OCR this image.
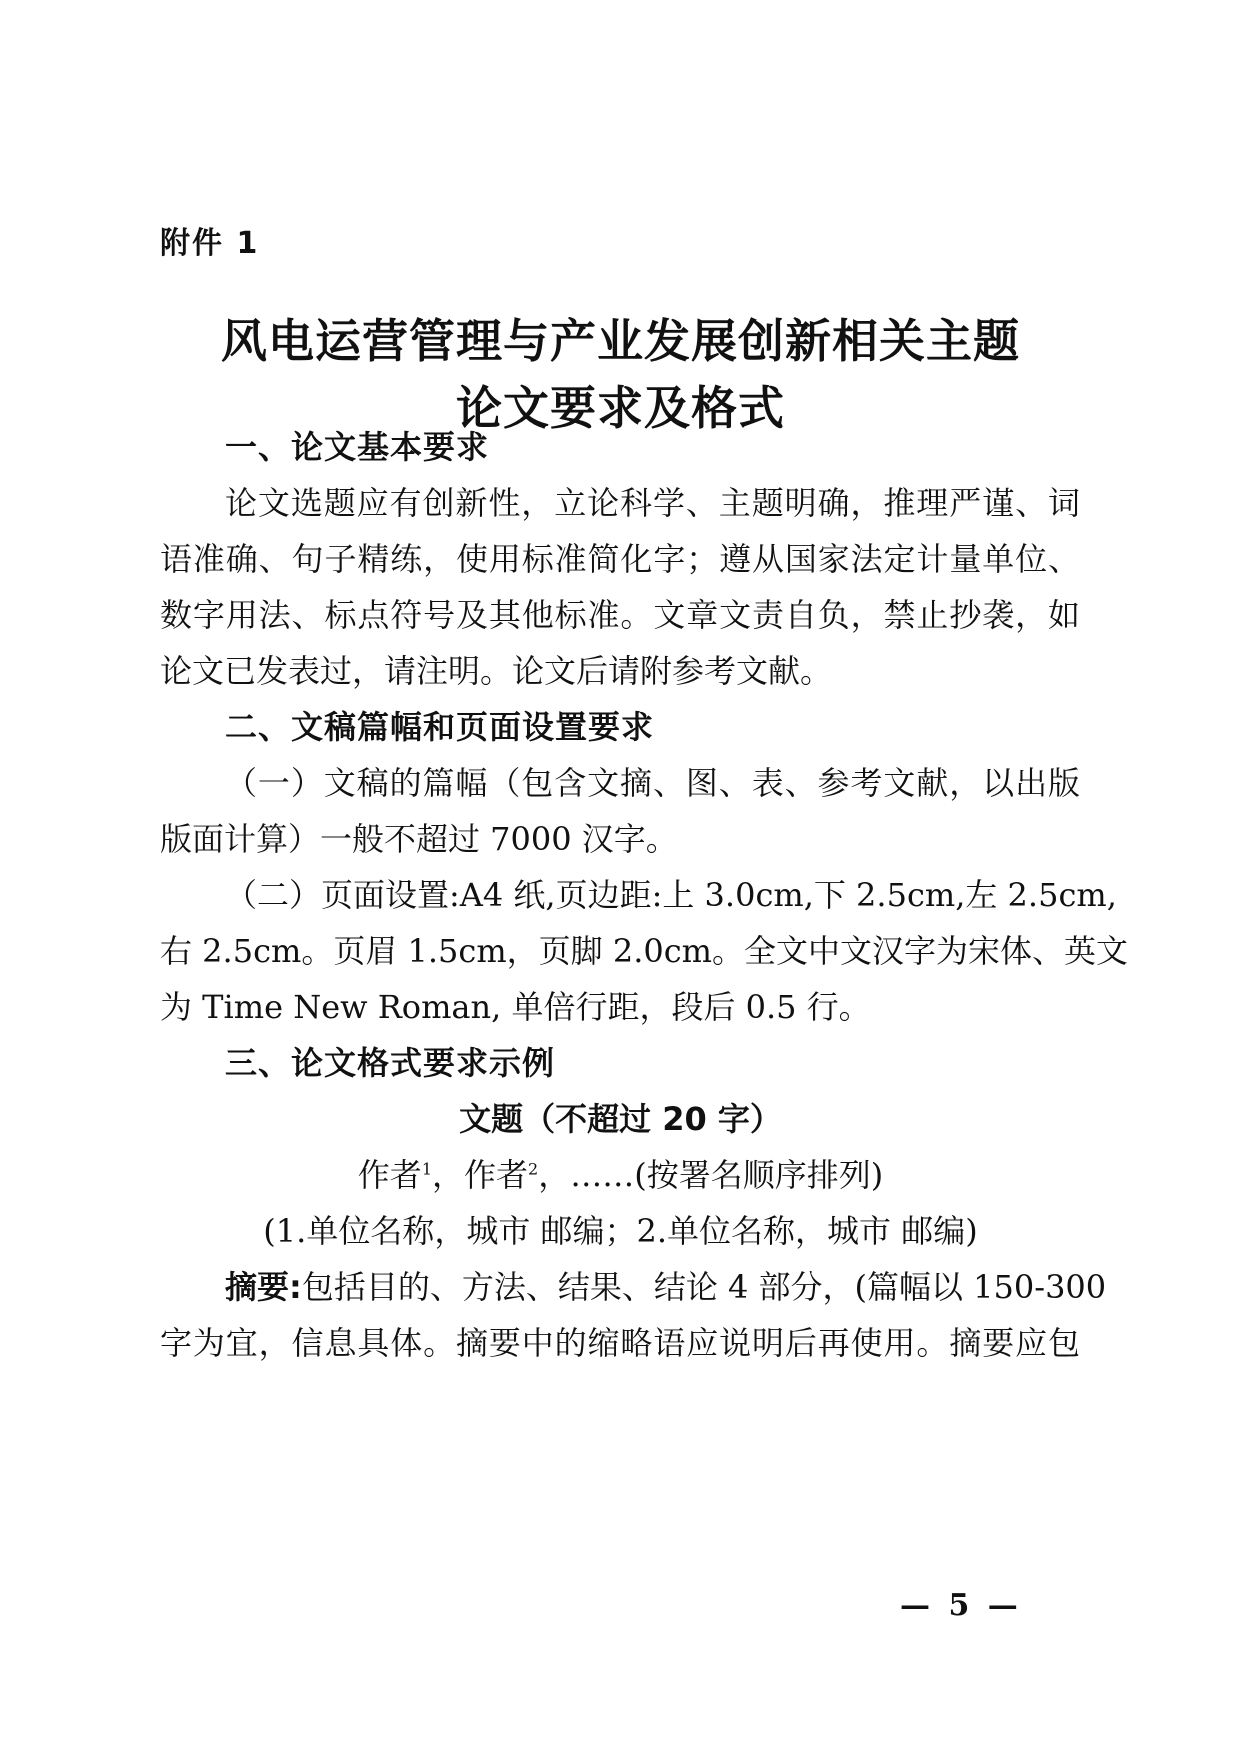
附件 1
风电运营管理与产业发展创新相关主题
论文要求及格式
一、论文基本要求
论文选题应有创新性，立论科学、主题明确，推理严谨、词
语准确、句子精练，使用标准简化字；遵从国家法定计量单位、
数字用法、标点符号及其他标准。文章文责自负，禁止抄袭，如
论文已发表过，请注明。论文后请附参考文献。
二、文稿篇幅和页面设置要求
（一）文稿的篇幅（包含文摘、图、表、参考文献，以出版
版面计算）一般不超过 7000 汉字。
（二）页面设置:A4 纸,页边距:上 3.0cm,下 2.5cm,左 2.5cm,
右 2.5cm。页眉 1.5cm，页脚 2.0cm。全文中文汉字为宋体、英文
为 Time New Roman, 单倍行距，段后 0.5 行。
三、论文格式要求示例
文题（不超过 20 字）
作者$^1$，作者$^2$，……(按署名顺序排列)
(1.单位名称，城市 邮编；2.单位名称，城市 邮编)
摘要:包括目的、方法、结果、结论 4 部分，(篇幅以 150-300
字为宜，信息具体。摘要中的缩略语应说明后再使用。摘要应包
— 5 —
